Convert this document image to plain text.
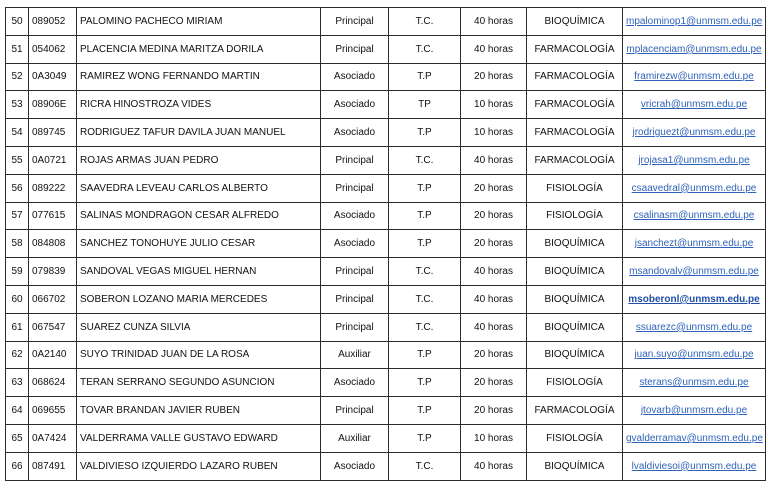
50	089052	PALOMINO PACHECO MIRIAM	Principal	T.C.	40 horas	BIOQUÍMICA	mpalominop1@unmsm.edu.pe
51	054062	PLACENCIA MEDINA MARITZA DORILA	Principal	T.C.	40 horas	FARMACOLOGÍA	mplacenciam@unmsm.edu.pe
52	0A3049	RAMIREZ WONG FERNANDO MARTIN	Asociado	T.P	20 horas	FARMACOLOGÍA	framirezw@unmsm.edu.pe
53	08906E	RICRA HINOSTROZA VIDES	Asociado	TP	10 horas	FARMACOLOGÍA	vricrah@unmsm.edu.pe
54	089745	RODRIGUEZ TAFUR DAVILA JUAN MANUEL	Asociado	T.P	10 horas	FARMACOLOGÍA	jrodriguezt@unmsm.edu.pe
55	0A0721	ROJAS ARMAS JUAN PEDRO	Principal	T.C.	40 horas	FARMACOLOGÍA	jrojasa1@unmsm.edu.pe
56	089222	SAAVEDRA LEVEAU CARLOS ALBERTO	Principal	T.P	20 horas	FISIOLOGÍA	csaavedral@unmsm.edu.pe
57	077615	SALINAS MONDRAGON CESAR ALFREDO	Asociado	T.P	20 horas	FISIOLOGÍA	csalinasm@unmsm.edu.pe
58	084808	SANCHEZ TONOHUYE JULIO CESAR	Asociado	T.P	20 horas	BIOQUÍMICA	jsanchezt@unmsm.edu.pe
59	079839	SANDOVAL VEGAS MIGUEL HERNAN	Principal	T.C.	40 horas	BIOQUÍMICA	msandovalv@unmsm.edu.pe
60	066702	SOBERON LOZANO MARIA MERCEDES	Principal	T.C.	40 horas	BIOQUÍMICA	msoberonl@unmsm.edu.pe
61	067547	SUAREZ CUNZA SILVIA	Principal	T.C.	40 horas	BIOQUÍMICA	ssuarezc@unmsm.edu.pe
62	0A2140	SUYO TRINIDAD JUAN DE LA ROSA	Auxiliar	T.P	20 horas	BIOQUÍMICA	juan.suyo@unmsm.edu.pe
63	068624	TERAN SERRANO SEGUNDO ASUNCION	Asociado	T.P	20 horas	FISIOLOGÍA	sterans@unmsm.edu.pe
64	069655	TOVAR BRANDAN JAVIER RUBEN	Principal	T.P	20 horas	FARMACOLOGÍA	jtovarb@unmsm.edu.pe
65	0A7424	VALDERRAMA VALLE GUSTAVO EDWARD	Auxiliar	T.P	10 horas	FISIOLOGÍA	gvalderramav@unmsm.edu.pe
66	087491	VALDIVIESO IZQUIERDO LAZARO RUBEN	Asociado	T.C.	40 horas	BIOQUÍMICA	lvaldiviesoi@unmsm.edu.pe
